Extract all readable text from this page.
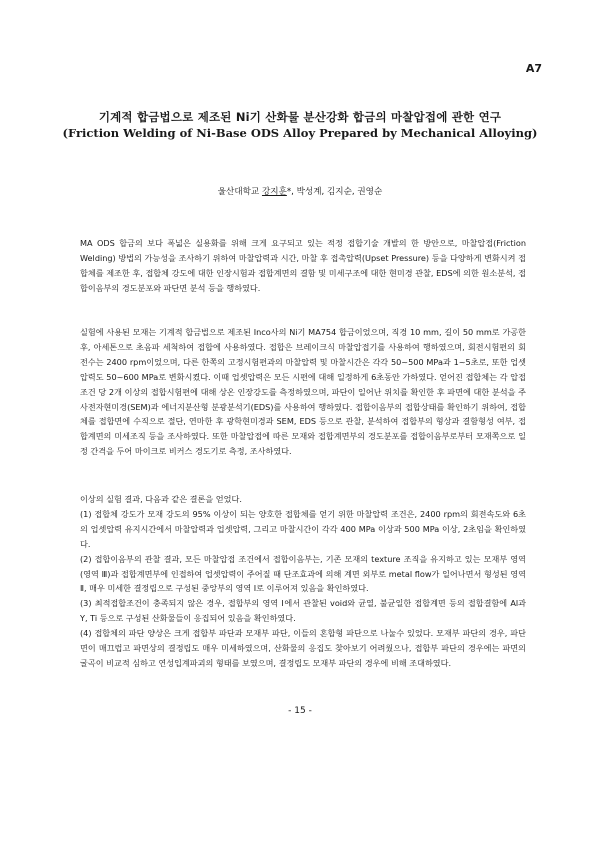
A7
기계적 합금법으로 제조된 Ni기 산화물 분산강화 합금의 마찰압접에 관한 연구
(Friction Welding of Ni-Base ODS Alloy Prepared by Mechanical Alloying)
울산대학교 강지훈*, 박성계, 김지순, 권영순

MA ODS 합금의 보다 폭넓은 실용화를 위해 크게 요구되고 있는 적정 접합기술 개발의 한 방안으로, 마찰압접(Friction Welding) 방법의 가능성을 조사하기 위하여 마찰압력과 시간, 마찰 후 접촉압력(Upset Pressure) 등을 다양하게 변화시켜 접합체를 제조한 후, 접합체 강도에 대한 인장시험과 접합계면의 결함 및 미세구조에 대한 현미경 관찰, EDS에 의한 원소분석, 접합이음부의 경도분포와 파단면 분석 등을 행하였다.

실험에 사용된 모재는 기계적 합금법으로 제조된 Inco사의 Ni기 MA754 합금이었으며, 직경 10 mm, 길이 50 mm로 가공한 후, 아세톤으로 초음파 세척하여 접합에 사용하였다. 접합은 브레이크식 마찰압접기를 사용하여 행하였으며, 회전시험편의 회전수는 2400 rpm이었으며, 다른 한쪽의 고정시험편과의 마찰압력 및 마찰시간은 각각 50~500 MPa과 1~5초로, 또한 업셋압력도 50~600 MPa로 변화시켰다. 이때 업셋압력은 모든 시편에 대해 일정하게 6초동안 가하였다. 얻어진 접합체는 각 압접조건 당 2개 이상의 접합시험편에 대해 상온 인장강도를 측정하였으며, 파단이 일어난 위치를 확인한 후 파면에 대한 분석을 주사전자현미경(SEM)과 에너지분산형 분광분석기(EDS)를 사용하여 행하였다. 접합이음부의 접합상태를 확인하기 위하여, 접합체를 접합면에 수직으로 절단, 연마한 후 광학현미경과 SEM, EDS 등으로 관찰, 분석하여 접합부의 형상과 결함형성 여부, 접합계면의 미세조직 등을 조사하였다. 또한 마찰압접에 따른 모재와 접합계면부의 경도분포를 접합이음부로부터 모재쪽으로 일정 간격을 두어 마이크로 비커스 경도기로 측정, 조사하였다.

이상의 실험 결과, 다음과 같은 결론을 얻었다.

(1) 접합체 강도가 모재 강도의 95% 이상이 되는 양호한 접합체를 얻기 위한 마찰압력 조건은, 2400 rpm의 회전속도와 6초의 업셋압력 유지시간에서 마찰압력과 업셋압력, 그리고 마찰시간이 각각 400 MPa 이상과 500 MPa 이상, 2초임을 확인하였다.

(2) 접합이음부의 관찰 결과, 모든 마찰압접 조건에서 접합이음부는, 기존 모재의 texture 조직을 유지하고 있는 모재부 영역(영역 Ⅲ)과 접합계면부에 인접하여 업셋압력이 주어질 때 단조효과에 의해 계면 외부로 metal flow가 일어나면서 형성된 영역 Ⅱ, 매우 미세한 결정립으로 구성된 중앙부의 영역 Ⅰ로 이루어져 있음을 확인하였다.

(3) 최적접합조건이 충족되지 않은 경우, 접합부의 영역 Ⅰ에서 관찰된 void와 균열, 불균일한 접합계면 등의 접합결함에 Al과 Y, Ti 등으로 구성된 산화물들이 응집되어 있음을 확인하였다.

(4) 접합체의 파단 양상은 크게 접합부 파단과 모재부 파단, 이들의 혼합형 파단으로 나눌수 있었다. 모재부 파단의 경우, 파단면이 매끄럽고 파면상의 결정립도 매우 미세하였으며, 산화물의 응집도 찾아보기 어려웠으나, 접합부 파단의 경우에는 파면의 굴곡이 비교적 심하고 연성입계파괴의 형태를 보였으며, 결정립도 모재부 파단의 경우에 비해 조대하였다.

- 15 -
